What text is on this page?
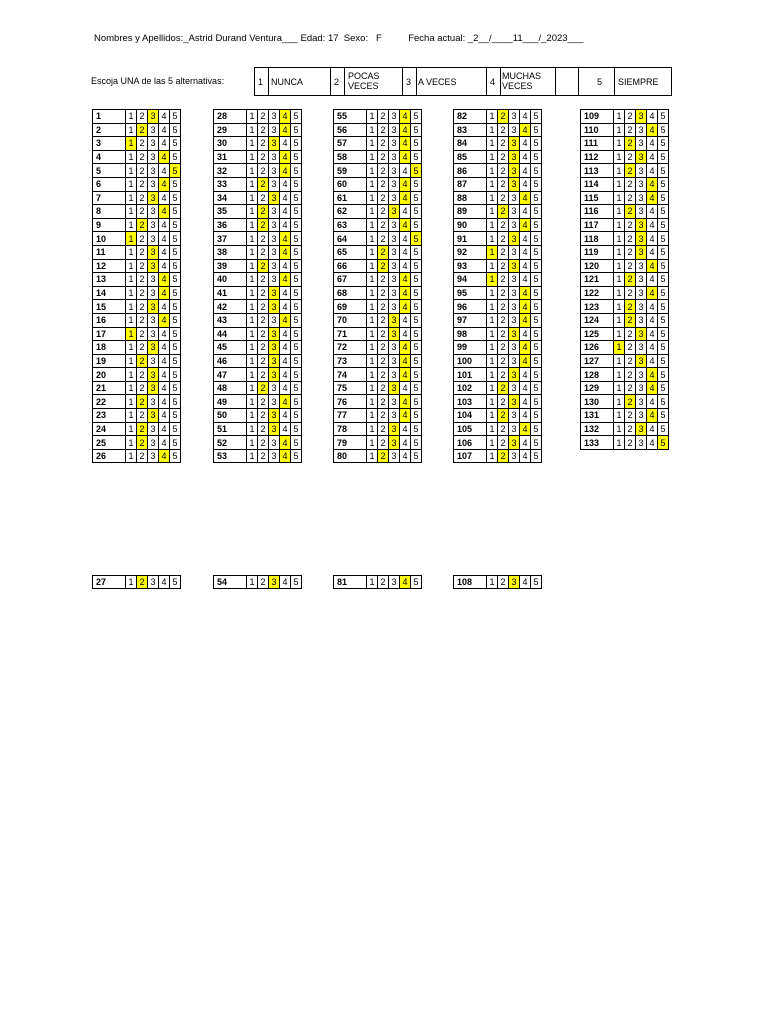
Nombres y Apellidos:_Astrid Durand Ventura___ Edad: 17  Sexo:   F          Fecha actual: _2__/____11___/_2023___
Escoja UNA de las 5 alternativas:	1 NUNCA	2
POCAS
VECES	3 A VECES	4
MUCHAS
VECES	5 SIEMPRE
1	1	2	3	4	5
2	1	2	3	4	5
3	1	2	3	4	5
4	1	2	3	4	5
5	1	2	3	4	5
6	1	2	3	4	5
7	1	2	3	4	5
8	1	2	3	4	5
9	1	2	3	4	5
10	1	2	3	4	5
11	1	2	3	4	5
12	1	2	3	4	5
13	1	2	3	4	5
14	1	2	3	4	5
15	1	2	3	4	5
16	1	2	3	4	5
17	1	2	3	4	5
18	1	2	3	4	5
19	1	2	3	4	5
20	1	2	3	4	5
21	1	2	3	4	5
22	1	2	3	4	5
23	1	2	3	4	5
24	1	2	3	4	5
25	1	2	3	4	5
26	1	2	3	4	5
28	1	2	3	4	5
29	1	2	3	4	5
30	1	2	3	4	5
31	1	2	3	4	5
32	1	2	3	4	5
33	1	2	3	4	5
34	1	2	3	4	5
35	1	2	3	4	5
36	1	2	3	4	5
37	1	2	3	4	5
38	1	2	3	4	5
39	1	2	3	4	5
40	1	2	3	4	5
41	1	2	3	4	5
42	1	2	3	4	5
43	1	2	3	4	5
44	1	2	3	4	5
45	1	2	3	4	5
46	1	2	3	4	5
47	1	2	3	4	5
48	1	2	3	4	5
49	1	2	3	4	5
50	1	2	3	4	5
51	1	2	3	4	5
52	1	2	3	4	5
53	1	2	3	4	5
55	1	2	3	4	5
56	1	2	3	4	5
57	1	2	3	4	5
58	1	2	3	4	5
59	1	2	3	4	5
60	1	2	3	4	5
61	1	2	3	4	5
62	1	2	3	4	5
63	1	2	3	4	5
64	1	2	3	4	5
65	1	2	3	4	5
66	1	2	3	4	5
67	1	2	3	4	5
68	1	2	3	4	5
69	1	2	3	4	5
70	1	2	3	4	5
71	1	2	3	4	5
72	1	2	3	4	5
73	1	2	3	4	5
74	1	2	3	4	5
75	1	2	3	4	5
76	1	2	3	4	5
77	1	2	3	4	5
78	1	2	3	4	5
79	1	2	3	4	5
80	1	2	3	4	5
82	1	2	3	4	5
83	1	2	3	4	5
84	1	2	3	4	5
85	1	2	3	4	5
86	1	2	3	4	5
87	1	2	3	4	5
88	1	2	3	4	5
89	1	2	3	4	5
90	1	2	3	4	5
91	1	2	3	4	5
92	1	2	3	4	5
93	1	2	3	4	5
94	1	2	3	4	5
95	1	2	3	4	5
96	1	2	3	4	5
97	1	2	3	4	5
98	1	2	3	4	5
99	1	2	3	4	5
100	1	2	3	4	5
101	1	2	3	4	5
102	1	2	3	4	5
103	1	2	3	4	5
104	1	2	3	4	5
105	1	2	3	4	5
106	1	2	3	4	5
107	1	2	3	4	5
109	1	2	3	4	5
110	1	2	3	4	5
111	1	2	3	4	5
112	1	2	3	4	5
113	1	2	3	4	5
114	1	2	3	4	5
115	1	2	3	4	5
116	1	2	3	4	5
117	1	2	3	4	5
118	1	2	3	4	5
119	1	2	3	4	5
120	1	2	3	4	5
121	1	2	3	4	5
122	1	2	3	4	5
123	1	2	3	4	5
124	1	2	3	4	5
125	1	2	3	4	5
126	1	2	3	4	5
127	1	2	3	4	5
128	1	2	3	4	5
129	1	2	3	4	5
130	1	2	3	4	5
131	1	2	3	4	5
132	1	2	3	4	5
133	1	2	3	4	5
27	1	2	3	4	5	54	1	2	3	4	5	81	1	2	3	4	5	108	1	2	3	4	5
